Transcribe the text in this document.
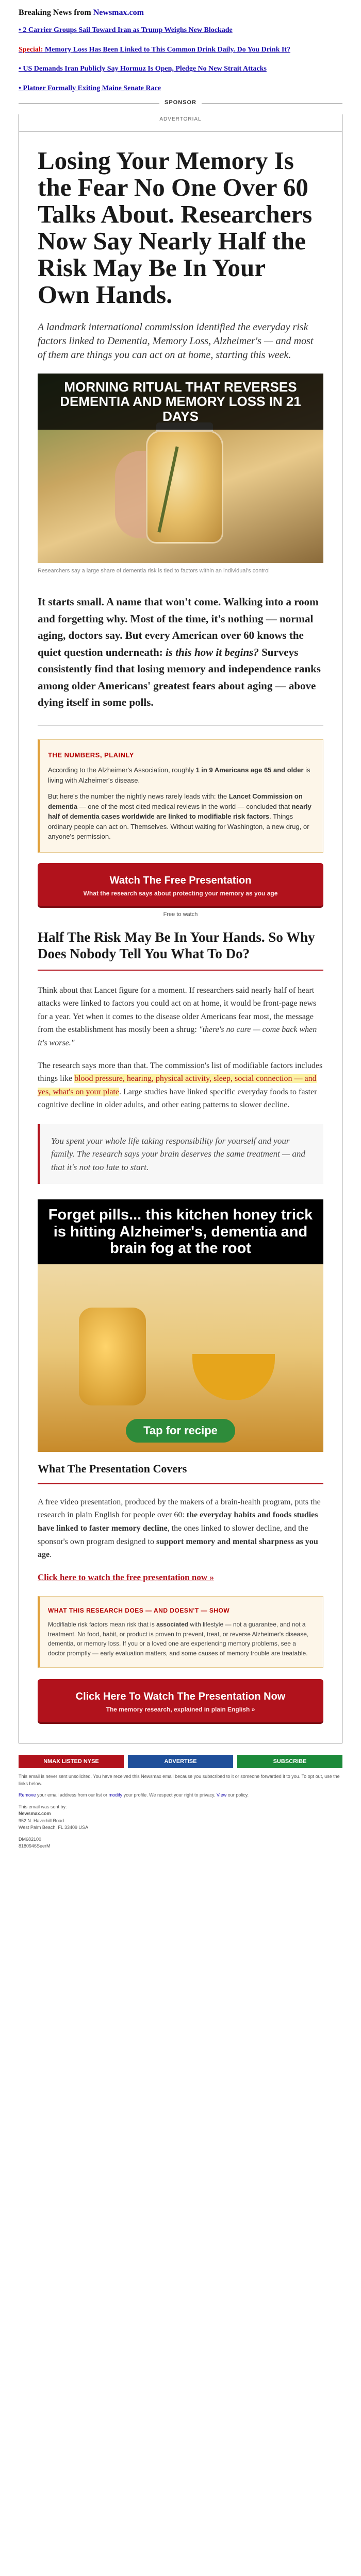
Breaking News from Newsmax.com
• 2 Carrier Groups Sail Toward Iran as Trump Weighs New Blockade
Special: Memory Loss Has Been Linked to This Common Drink Daily. Do You Drink It?
• US Demands Iran Publicly Say Hormuz Is Open, Pledge No New Strait Attacks
• Platner Formally Exiting Maine Senate Race
SPONSOR
ADVERTORIAL
Losing Your Memory Is the Fear No One Over 60 Talks About. Researchers Now Say Nearly Half the Risk May Be In Your Own Hands.

A landmark international commission identified the everyday risk factors linked to Dementia, Memory Loss, Alzheimer's — and most of them are things you can act on at home, starting this week.

MORNING RITUAL THAT REVERSES DEMENTIA AND MEMORY LOSS IN 21 DAYS

Researchers say a large share of dementia risk is tied to factors within an individual's control

It starts small. A name that won't come. Walking into a room and forgetting why. Most of the time, it's nothing — normal aging, doctors say. But every American over 60 knows the quiet question underneath: is this how it begins? Surveys consistently find that losing memory and independence ranks among older Americans' greatest fears about aging — above dying itself in some polls.

THE NUMBERS, PLAINLY

According to the Alzheimer's Association, roughly 1 in 9 Americans age 65 and older is living with Alzheimer's disease.

But here's the number the nightly news rarely leads with: the Lancet Commission on dementia — one of the most cited medical reviews in the world — concluded that nearly half of dementia cases worldwide are linked to modifiable risk factors. Things ordinary people can act on. Themselves. Without waiting for Washington, a new drug, or anyone's permission.

Watch The Free Presentation
What the research says about protecting your memory as you age
Free to watch
Half The Risk May Be In Your Hands. So Why Does Nobody Tell You What To Do?

Think about that Lancet figure for a moment. If researchers said nearly half of heart attacks were linked to factors you could act on at home, it would be front-page news for a year. Yet when it comes to the disease older Americans fear most, the message from the establishment has mostly been a shrug: "there's no cure — come back when it's worse."

The research says more than that. The commission's list of modifiable factors includes things like blood pressure, hearing, physical activity, sleep, social connection — and yes, what's on your plate. Large studies have linked specific everyday foods to faster cognitive decline in older adults, and other eating patterns to slower decline.

You spent your whole life taking responsibility for yourself and your family. The research says your brain deserves the same treatment — and that it's not too late to start.
Forget pills... this kitchen honey trick is hitting Alzheimer's, dementia and brain fog at the root
Tap for recipe
What The Presentation Covers

A free video presentation, produced by the makers of a brain-health program, puts the research in plain English for people over 60: the everyday habits and foods studies have linked to faster memory decline, the ones linked to slower decline, and the sponsor's own program designed to support memory and mental sharpness as you age.

Click here to watch the free presentation now »
WHAT THIS RESEARCH DOES — AND DOESN'T — SHOW

Modifiable risk factors mean risk that is associated with lifestyle — not a guarantee, and not a treatment. No food, habit, or product is proven to prevent, treat, or reverse Alzheimer's disease, dementia, or memory loss. If you or a loved one are experiencing memory problems, see a doctor promptly — early evaluation matters, and some causes of memory trouble are treatable.

Click Here To Watch The Presentation Now
The memory research, explained in plain English »
NMAX LISTED NYSE	ADVERTISE	SUBSCRIBE

This email is never sent unsolicited. You have received this Newsmax email because you subscribed to it or someone forwarded it to you. To opt out, use the links below.

Remove your email address from our list or modify your profile. We respect your right to privacy. View our policy.

This email was sent by:
Newsmax.com
952 N. Haverhill Road
West Palm Beach, FL 33409 USA

DM682100
8180946SeerM
